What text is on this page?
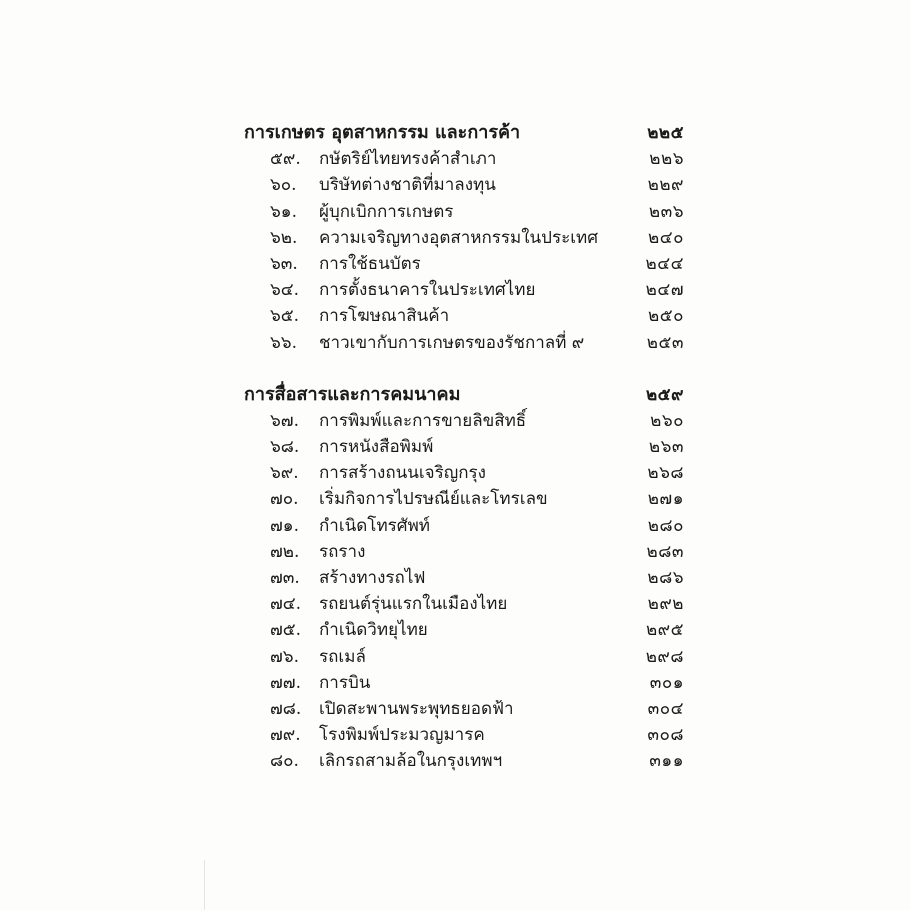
การเกษตร อุตสาหกรรม และการค้า	๒๒๕
๕๙.	กษัตริย์ไทยทรงค้าสำเภา	๒๒๖
๖๐.	บริษัทต่างชาติที่มาลงทุน	๒๒๙
๖๑.	ผู้บุกเบิกการเกษตร	๒๓๖
๖๒.	ความเจริญทางอุตสาหกรรมในประเทศ	๒๔๐
๖๓.	การใช้ธนบัตร	๒๔๔
๖๔.	การตั้งธนาคารในประเทศไทย	๒๔๗
๖๕.	การโฆษณาสินค้า	๒๕๐
๖๖.	ชาวเขากับการเกษตรของรัชกาลที่ ๙	๒๕๓
การสื่อสารและการคมนาคม	๒๕๙
๖๗.	การพิมพ์และการขายลิขสิทธิ์	๒๖๐
๖๘.	การหนังสือพิมพ์	๒๖๓
๖๙.	การสร้างถนนเจริญกรุง	๒๖๘
๗๐.	เริ่มกิจการไปรษณีย์และโทรเลข	๒๗๑
๗๑.	กำเนิดโทรศัพท์	๒๘๐
๗๒.	รถราง	๒๘๓
๗๓.	สร้างทางรถไฟ	๒๘๖
๗๔.	รถยนต์รุ่นแรกในเมืองไทย	๒๙๒
๗๕.	กำเนิดวิทยุไทย	๒๙๕
๗๖.	รถเมล์	๒๙๘
๗๗.	การบิน	๓๐๑
๗๘.	เปิดสะพานพระพุทธยอดฟ้า	๓๐๔
๗๙.	โรงพิมพ์ประมวญมารค	๓๐๘
๘๐.	เลิกรถสามล้อในกรุงเทพฯ	๓๑๑
